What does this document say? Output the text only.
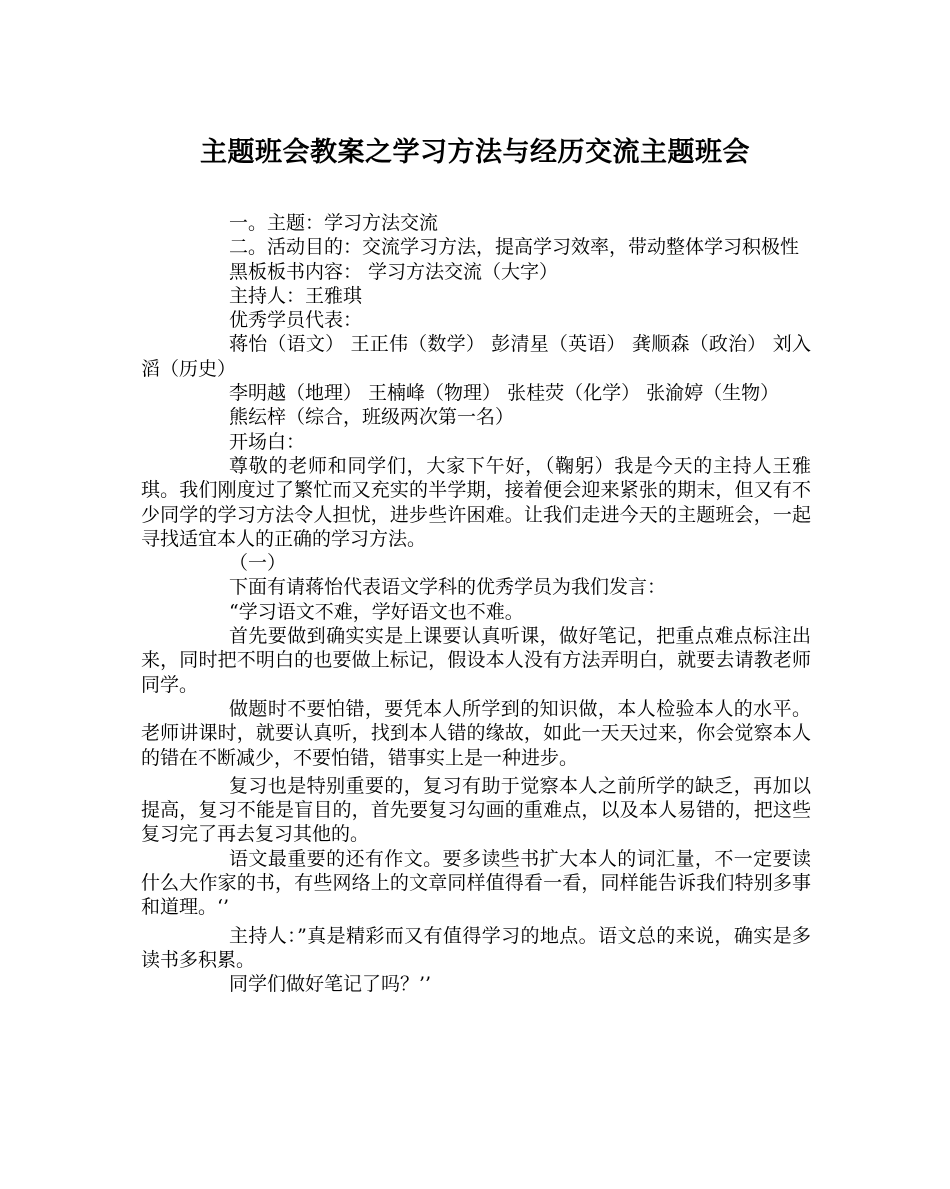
主题班会教案之学习方法与经历交流主题班会

一。主题：学习方法交流

二。活动目的：交流学习方法，提高学习效率，带动整体学习积极性

黑板板书内容： 学习方法交流（大字）

主持人：王雅琪

优秀学员代表：

蒋怡（语文） 王正伟（数学） 彭清星（英语） 龚顺森（政治） 刘入滔（历史）

李明越（地理） 王楠峰（物理） 张桂荧（化学） 张渝婷（生物）

熊纭梓（综合，班级两次第一名）

开场白：

尊敬的老师和同学们，大家下午好，（鞠躬）我是今天的主持人王雅琪。我们刚度过了繁忙而又充实的半学期，接着便会迎来紧张的期末，但又有不少同学的学习方法令人担忧，进步些许困难。让我们走进今天的主题班会，一起寻找适宜本人的正确的学习方法。

（一）

下面有请蒋怡代表语文学科的优秀学员为我们发言：

“学习语文不难，学好语文也不难。

首先要做到确实实是上课要认真听课，做好笔记，把重点难点标注出来，同时把不明白的也要做上标记，假设本人没有方法弄明白，就要去请教老师同学。

做题时不要怕错，要凭本人所学到的知识做，本人检验本人的水平。老师讲课时，就要认真听，找到本人错的缘故，如此一天天过来，你会觉察本人的错在不断减少，不要怕错，错事实上是一种进步。

复习也是特别重要的，复习有助于觉察本人之前所学的缺乏，再加以提高，复习不能是盲目的，首先要复习勾画的重难点，以及本人易错的，把这些复习完了再去复习其他的。

语文最重要的还有作文。要多读些书扩大本人的词汇量，不一定要读什么大作家的书，有些网络上的文章同样值得看一看，同样能告诉我们特别多事和道理。‘’

主持人：”真是精彩而又有值得学习的地点。语文总的来说，确实是多读书多积累。

同学们做好笔记了吗？’’
